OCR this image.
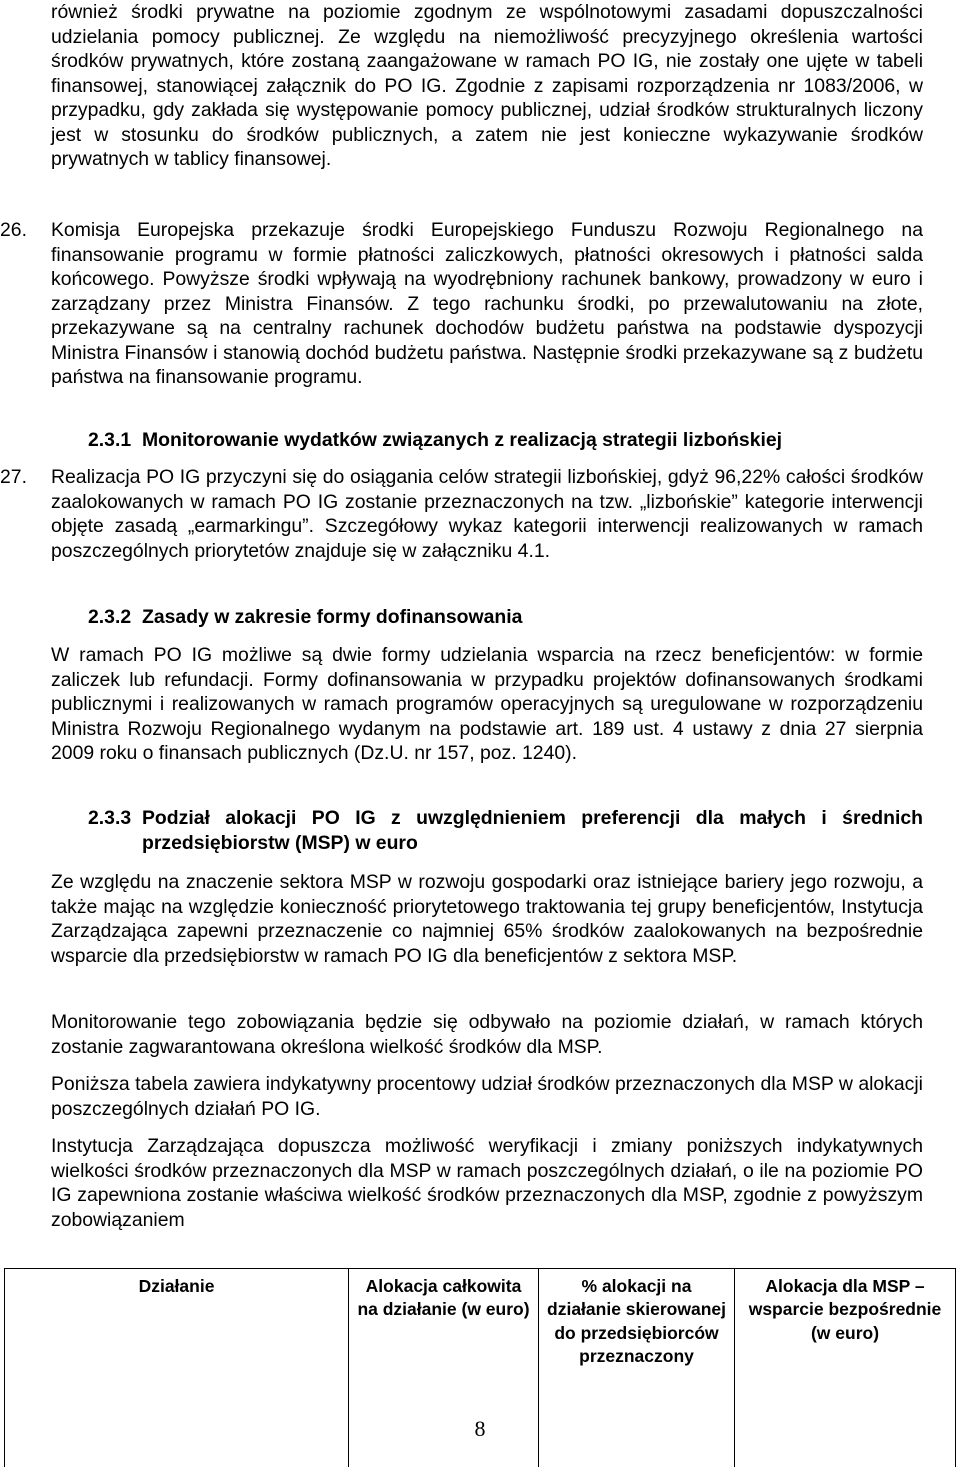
również środki prywatne na poziomie zgodnym ze wspólnotowymi zasadami dopuszczalności udzielania pomocy publicznej. Ze względu na niemożliwość precyzyjnego określenia wartości środków prywatnych, które zostaną zaangażowane w ramach PO IG, nie zostały one ujęte w tabeli finansowej, stanowiącej załącznik do PO IG. Zgodnie z zapisami rozporządzenia nr 1083/2006, w przypadku, gdy zakłada się występowanie pomocy publicznej, udział środków strukturalnych liczony jest w stosunku do środków publicznych, a zatem nie jest konieczne wykazywanie środków prywatnych w tablicy finansowej.

26.	Komisja Europejska przekazuje środki Europejskiego Funduszu Rozwoju Regionalnego na finansowanie programu w formie płatności zaliczkowych, płatności okresowych i płatności salda końcowego. Powyższe środki wpływają na wyodrębniony rachunek bankowy, prowadzony w euro i zarządzany przez Ministra Finansów. Z tego rachunku środki, po przewalutowaniu na złote, przekazywane są na centralny rachunek dochodów budżetu państwa na podstawie dyspozycji Ministra Finansów i stanowią dochód budżetu państwa. Następnie środki przekazywane są z budżetu państwa na finansowanie programu.
2.3.1 Monitorowanie wydatków związanych z realizacją strategii lizbońskiej
27.	Realizacja PO IG przyczyni się do osiągania celów strategii lizbońskiej, gdyż 96,22% całości środków zaalokowanych w ramach PO IG zostanie przeznaczonych na tzw. „lizbońskie” kategorie interwencji objęte zasadą „earmarkingu”. Szczegółowy wykaz kategorii interwencji realizowanych w ramach poszczególnych priorytetów znajduje się w załączniku 4.1.
2.3.2 Zasady w zakresie formy dofinansowania

W ramach PO IG możliwe są dwie formy udzielania wsparcia na rzecz beneficjentów: w formie zaliczek lub refundacji. Formy dofinansowania w przypadku projektów dofinansowanych środkami publicznymi i realizowanych w ramach programów operacyjnych są uregulowane w rozporządzeniu Ministra Rozwoju Regionalnego wydanym na podstawie art. 189 ust. 4 ustawy z dnia 27 sierpnia 2009 roku o finansach publicznych (Dz.U. nr 157, poz. 1240).

2.3.3 Podział alokacji PO IG z uwzględnieniem preferencji dla małych i średnich przedsiębiorstw (MSP) w euro

Ze względu na znaczenie sektora MSP w rozwoju gospodarki oraz istniejące bariery jego rozwoju, a także mając na względzie konieczność priorytetowego traktowania tej grupy beneficjentów, Instytucja Zarządzająca zapewni przeznaczenie co najmniej 65% środków zaalokowanych na bezpośrednie wsparcie dla przedsiębiorstw w ramach PO IG dla beneficjentów z sektora MSP.

Monitorowanie tego zobowiązania będzie się odbywało na poziomie działań, w ramach których zostanie zagwarantowana określona wielkość środków dla MSP.

Poniższa tabela zawiera indykatywny procentowy udział środków przeznaczonych dla MSP w alokacji poszczególnych działań PO IG.

Instytucja Zarządzająca dopuszcza możliwość weryfikacji i zmiany poniższych indykatywnych wielkości środków przeznaczonych dla MSP w ramach poszczególnych działań, o ile na poziomie PO IG zapewniona zostanie właściwa wielkość środków przeznaczonych dla MSP, zgodnie z powyższym zobowiązaniem

Działanie	Alokacja całkowita na działanie (w euro)	% alokacji na działanie skierowanej do przedsiębiorców przeznaczony	Alokacja dla MSP – wsparcie bezpośrednie (w euro)
8
